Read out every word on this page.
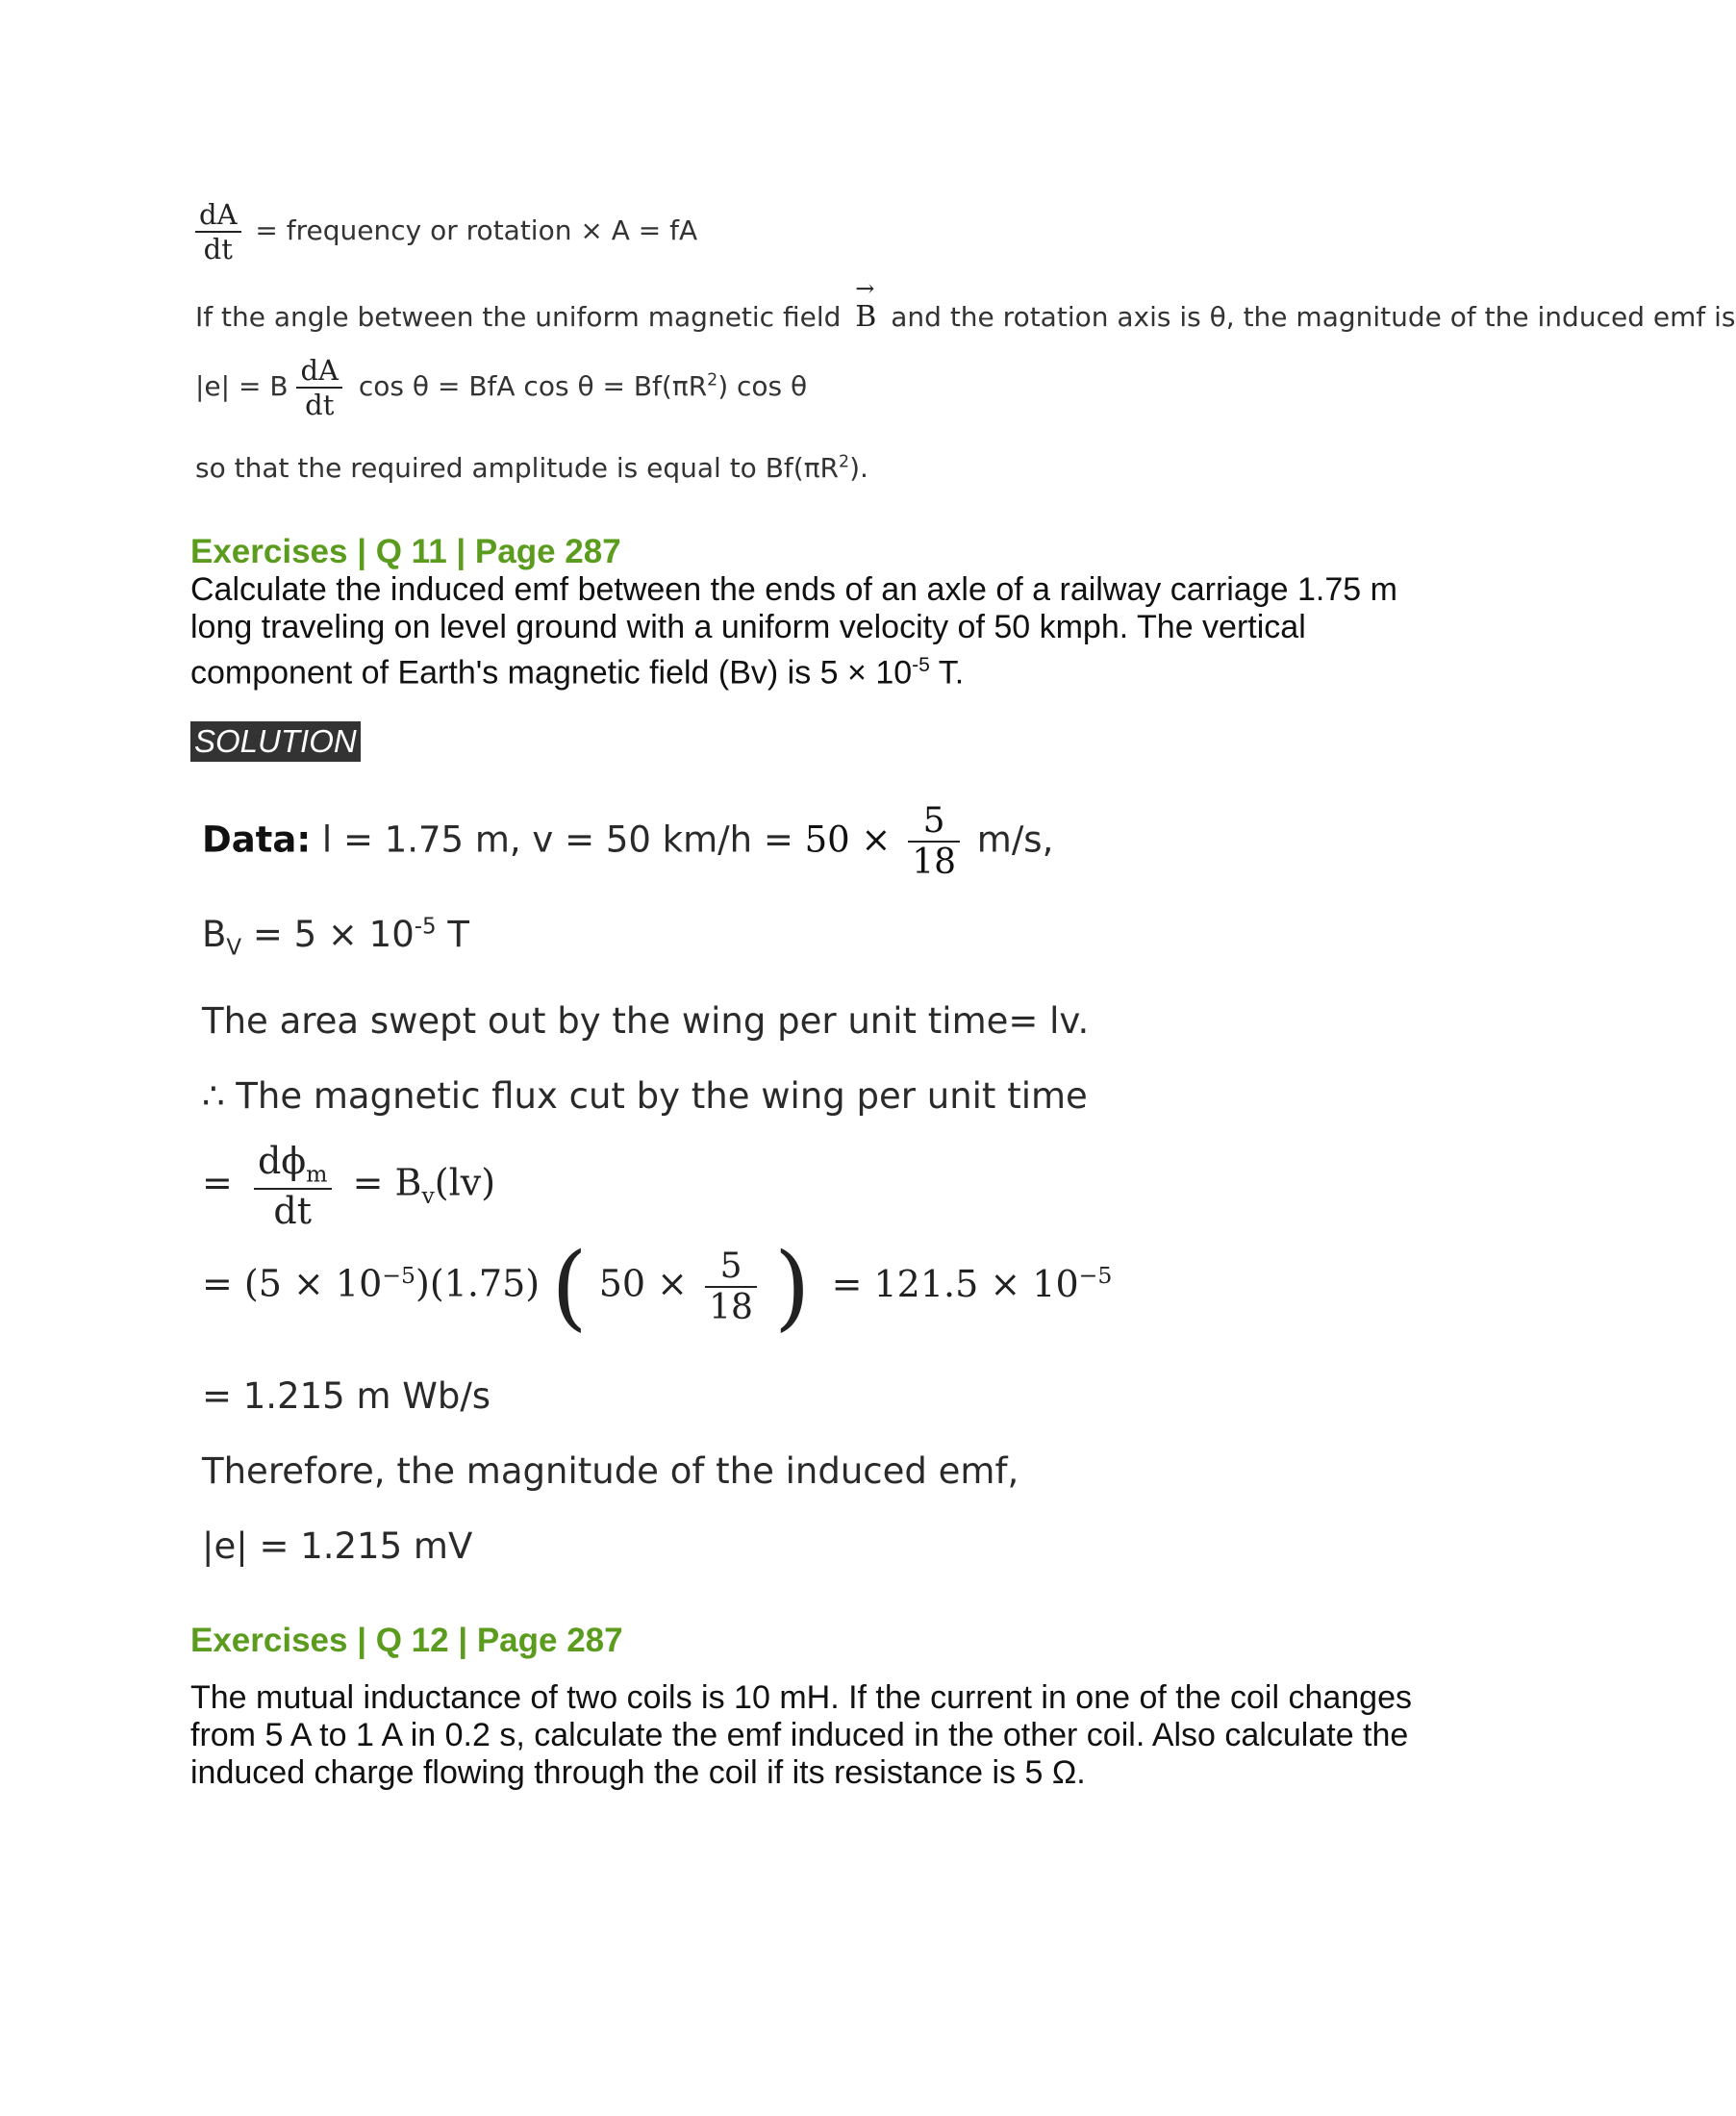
$\frac{dA}{dt}$ = frequency or rotation × A = fA
If the angle between the uniform magnetic field
→
B and the rotation axis is θ, the magnitude of the induced emf is
|e| = B $\frac{dA}{dt}$ cos θ = BfA $\cos \theta = Bf(\pi R^2)$ cos θ
so that the required amplitude is equal to $Bf(\pi R^2)$.
Exercises | Q 11 | Page 287
Calculate the induced emf between the ends of an axle of a railway carriage 1.75 m long traveling on level ground with a uniform velocity of 50 kmph. The vertical component of Earth's magnetic field (Bv) is $5 \times 10^{-5}$ T.
SOLUTION
Data: l = 1.75 m, v = 50 $km/h = 50 \times \frac{5}{18} m/s$,
$B_V = 5 \times 10^{-5}$ T
The area swept out by the wing per unit time= lv.
∴ The magnetic flux cut by the wing per unit time
= $\frac{d\phi_m}{dt} = B_v(lv)$
= $(5 \times 10^{-5})(1.75)$ ( $50 \times \frac{5}{18}$ ) = $121.5 \times 10^{-5}$
= 1.215 m Wb/s
Therefore, the magnitude of the induced emf,
|e| = 1.215 mV
Exercises | Q 12 | Page 287
The mutual inductance of two coils is 10 mH. If the current in one of the coil changes from 5 A to 1 A in 0.2 s, calculate the emf induced in the other coil. Also calculate the induced charge flowing through the coil if its resistance is 5 Ω.
